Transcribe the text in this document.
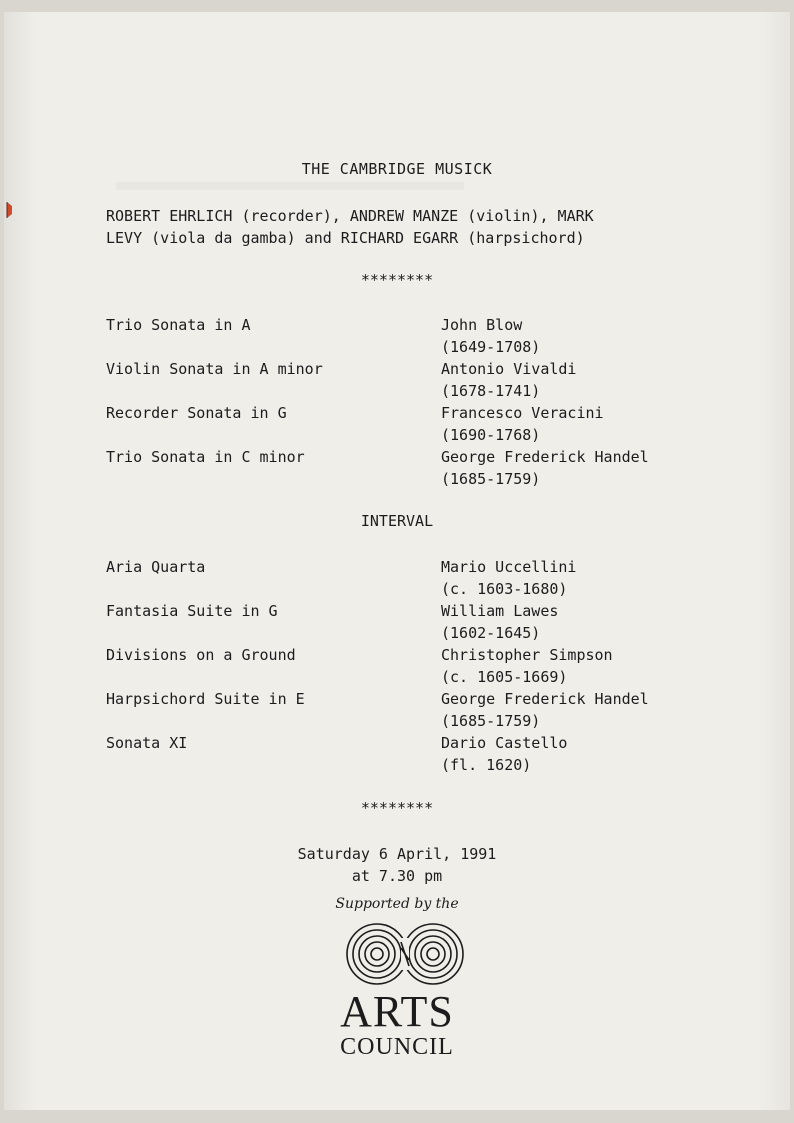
THE CAMBRIDGE MUSICK
ROBERT EHRLICH (recorder), ANDREW MANZE (violin), MARK
LEVY (viola da gamba) and RICHARD EGARR (harpsichord)
********
Trio Sonata in A	John Blow
(1649-1708)
Violin Sonata in A minor	Antonio Vivaldi
(1678-1741)
Recorder Sonata in G	Francesco Veracini
(1690-1768)
Trio Sonata in C minor	George Frederick Handel
(1685-1759)
INTERVAL
Aria Quarta	Mario Uccellini
(c. 1603-1680)
Fantasia Suite in G	William Lawes
(1602-1645)
Divisions on a Ground	Christopher Simpson
(c. 1605-1669)
Harpsichord Suite in E	George Frederick Handel
(1685-1759)
Sonata XI	Dario Castello
(fl. 1620)
********
Saturday 6 April, 1991
at 7.30 pm
Supported by the
ARTS
COUNCIL
